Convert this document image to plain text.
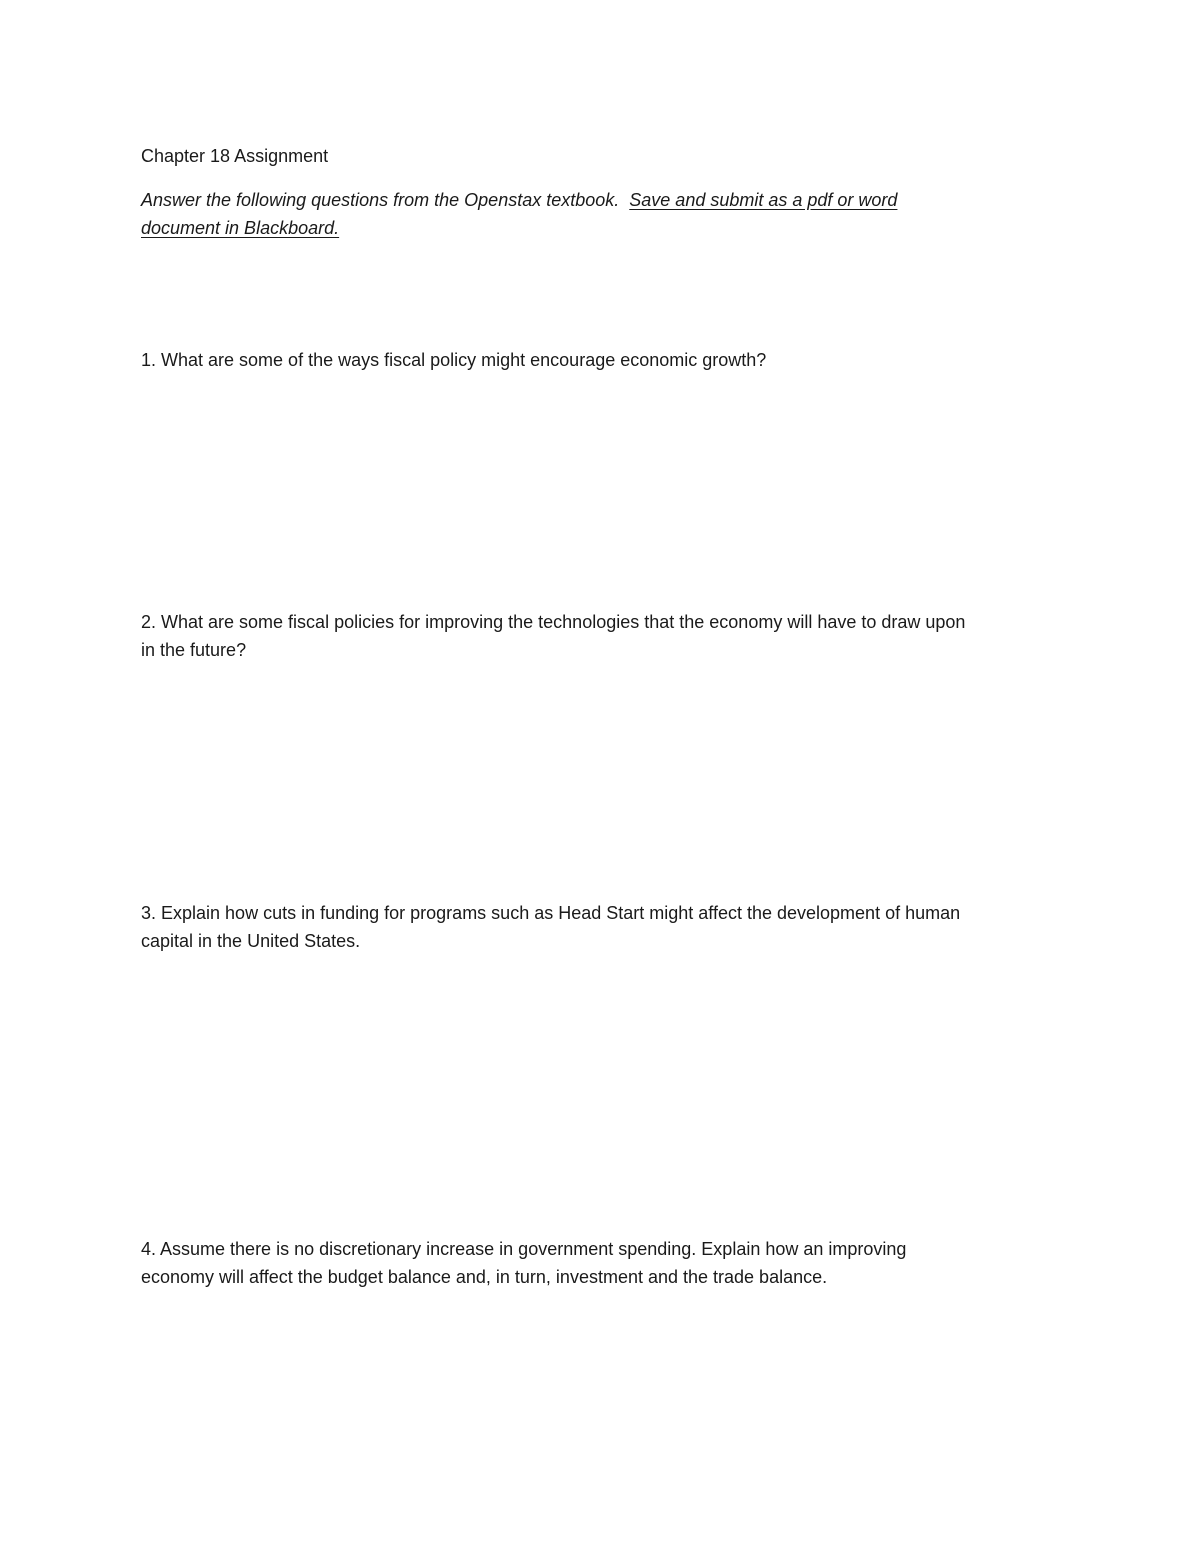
Chapter 18 Assignment

Answer the following questions from the Openstax textbook. Save and submit as a pdf or word

document in Blackboard.

1. What are some of the ways fiscal policy might encourage economic growth?

2. What are some fiscal policies for improving the technologies that the economy will have to draw upon

in the future?

3. Explain how cuts in funding for programs such as Head Start might affect the development of human

capital in the United States.

4. Assume there is no discretionary increase in government spending. Explain how an improving

economy will affect the budget balance and, in turn, investment and the trade balance.
